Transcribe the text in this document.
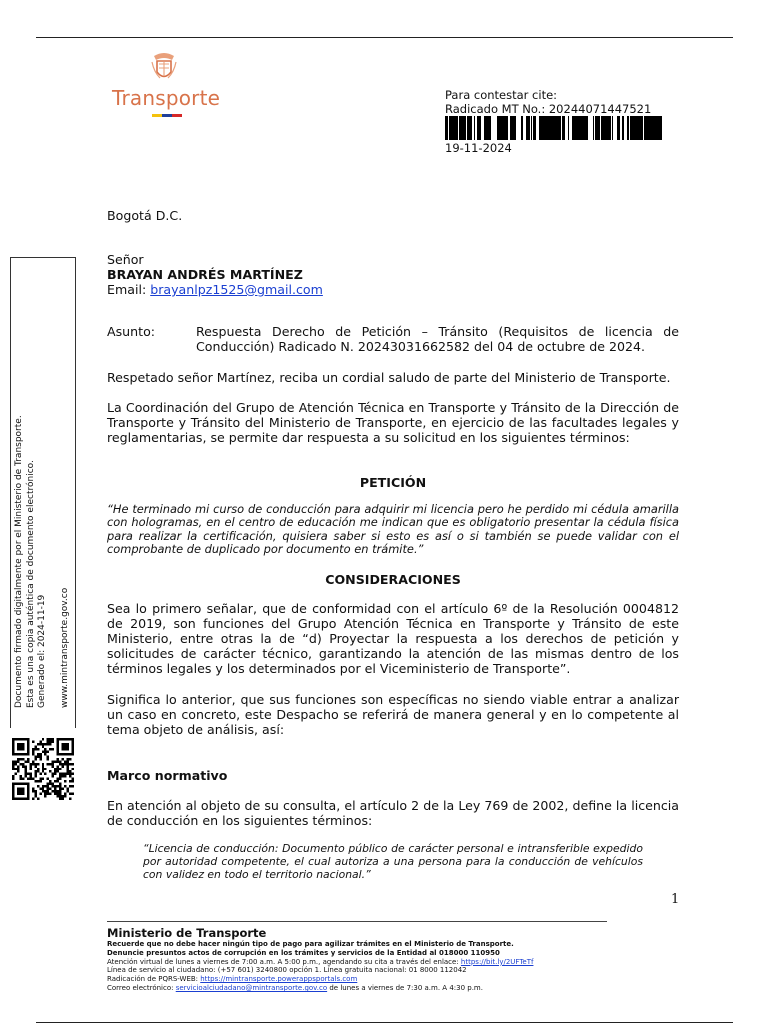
Transporte	Para contestar cite:
Radicado MT No.: 20244071447521
19-11-2024
Documento firmado digitalmente por el Ministerio de Transporte. Esta es una copia auténtica de documento electrónico. Generado el: 2024-11-19 www.mintransporte.gov.co
Bogotá D.C.
Señor
BRAYAN ANDRÉS MARTÍNEZ
Email: brayanlpz1525@gmail.com
Asunto:	Respuesta Derecho de Petición – Tránsito (Requisitos de licencia de Conducción) Radicado N. 20243031662582 del 04 de octubre de 2024.
Respetado señor Martínez, reciba un cordial saludo de parte del Ministerio de Transporte.
La Coordinación del Grupo de Atención Técnica en Transporte y Tránsito de la Dirección de Transporte y Tránsito del Ministerio de Transporte, en ejercicio de las facultades legales y reglamentarias, se permite dar respuesta a su solicitud en los siguientes términos:
PETICIÓN
“He terminado mi curso de conducción para adquirir mi licencia pero he perdido mi cédula amarilla con hologramas, en el centro de educación me indican que es obligatorio presentar la cédula física para realizar la certificación, quisiera saber si esto es así o si también se puede validar con el comprobante de duplicado por documento en trámite.”
CONSIDERACIONES
Sea lo primero señalar, que de conformidad con el artículo 6º de la Resolución 0004812 de 2019, son funciones del Grupo Atención Técnica en Transporte y Tránsito de este Ministerio, entre otras la de “d) Proyectar la respuesta a los derechos de petición y solicitudes de carácter técnico, garantizando la atención de las mismas dentro de los términos legales y los determinados por el Viceministerio de Transporte”.
Significa lo anterior, que sus funciones son específicas no siendo viable entrar a analizar un caso en concreto, este Despacho se referirá de manera general y en lo competente al tema objeto de análisis, así:
Marco normativo
En atención al objeto de su consulta, el artículo 2 de la Ley 769 de 2002, define la licencia de conducción en los siguientes términos:
“Licencia de conducción: Documento público de carácter personal e intransferible expedido por autoridad competente, el cual autoriza a una persona para la conducción de vehículos con validez en todo el territorio nacional.”
1
Ministerio de Transporte
Recuerde que no debe hacer ningún tipo de pago para agilizar trámites en el Ministerio de Transporte.
Denuncie presuntos actos de corrupción en los trámites y servicios de la Entidad al 018000 110950
Atención virtual de lunes a viernes de 7:00 a.m. A 5:00 p.m., agendando su cita a través del enlace: https://bit.ly/2UFTeTf
Línea de servicio al ciudadano: (+57 601) 3240800 opción 1. Línea gratuita nacional: 01 8000 112042
Radicación de PQRS-WEB: https://mintransporte.powerappsportals.com
Correo electrónico: servicioalciudadano@mintransporte.gov.co de lunes a viernes de 7:30 a.m. A 4:30 p.m.
